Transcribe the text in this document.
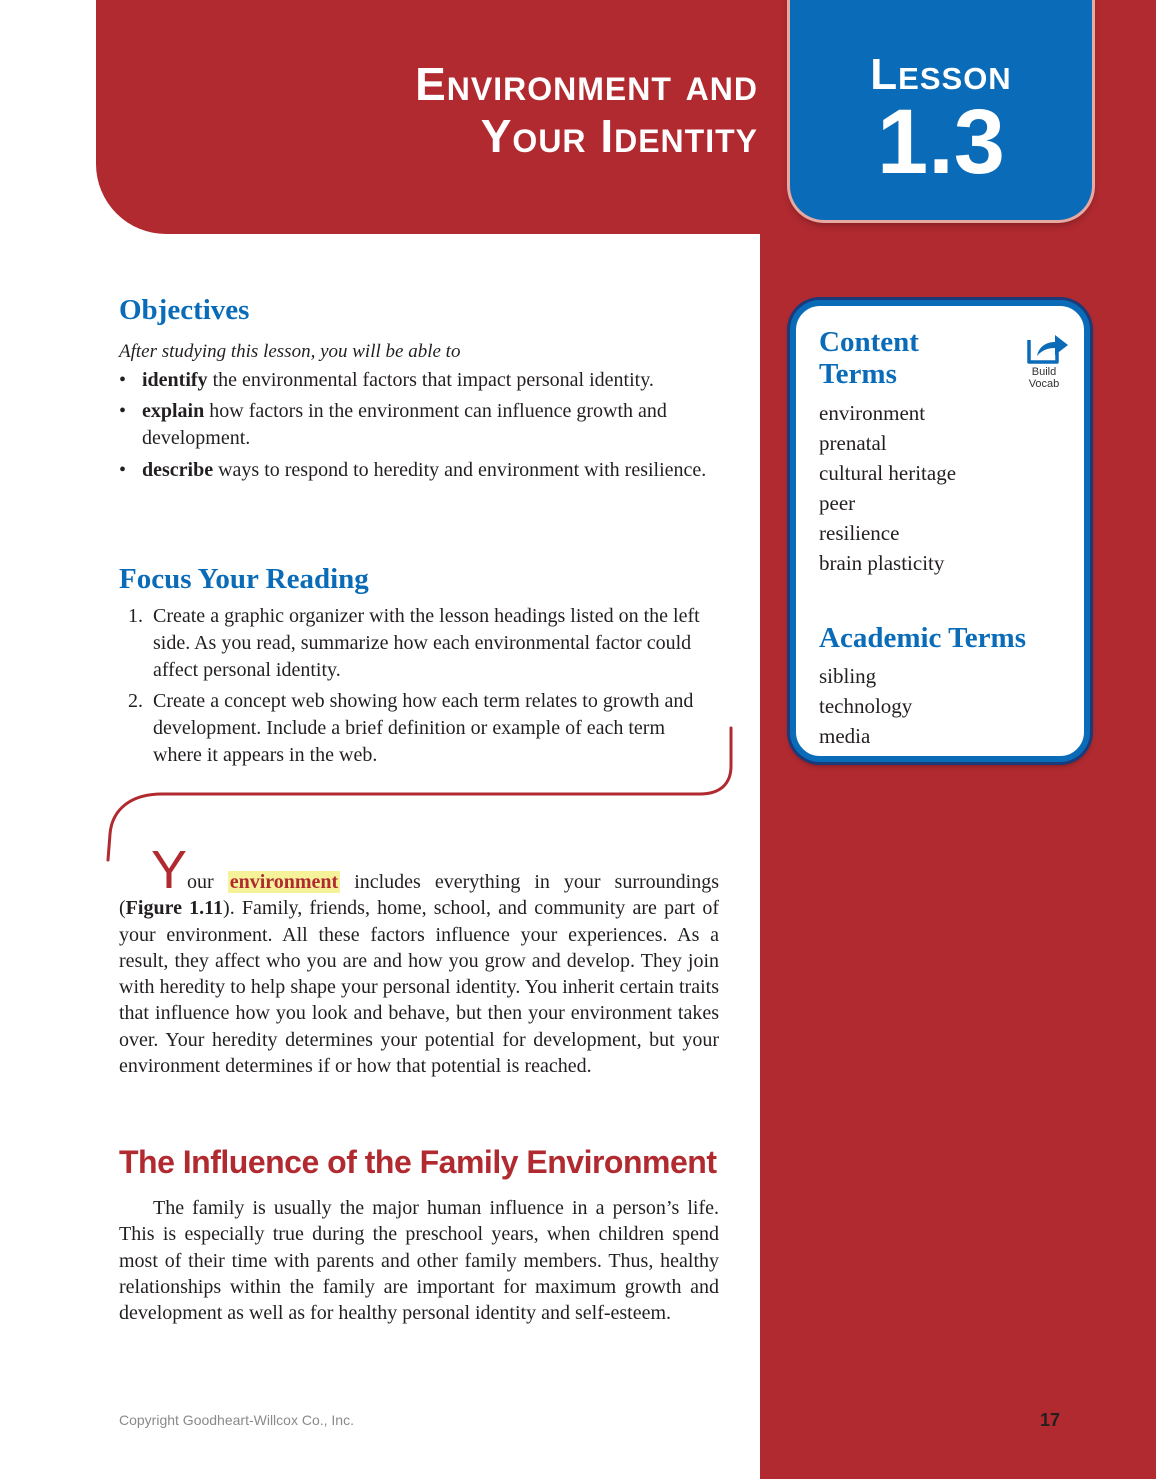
Environment and
Your Identity
Lesson
1.3
Content
Terms	Build
Vocab
environment
prenatal
cultural heritage
peer
resilience
brain plasticity
Academic Terms
sibling
technology
media
Objectives
After studying this lesson, you will be able to
• identify the environmental factors that impact personal identity.
• explain how factors in the environment can influence growth and development.
• describe ways to respond to heredity and environment with resilience.
Focus Your Reading
1. Create a graphic organizer with the lesson headings listed on the left side. As you read, summarize how each environmental factor could affect personal identity.
2. Create a concept web showing how each term relates to growth and development. Include a brief definition or example of each term where it appears in the web.
Your environment includes everything in your surroundings (Figure 1.11). Family, friends, home, school, and community are part of your environment. All these factors influence your experiences. As a result, they affect who you are and how you grow and develop. They join with heredity to help shape your personal identity. You inherit certain traits that influence how you look and behave, but then your environment takes over. Your heredity determines your potential for development, but your environment determines if or how that potential is reached.
The Influence of the Family Environment
The family is usually the major human influence in a person’s life. This is especially true during the preschool years, when children spend most of their time with parents and other family members. Thus, healthy relationships within the family are important for maximum growth and development as well as for healthy personal identity and self-esteem.
Copyright Goodheart-Willcox Co., Inc.	17
